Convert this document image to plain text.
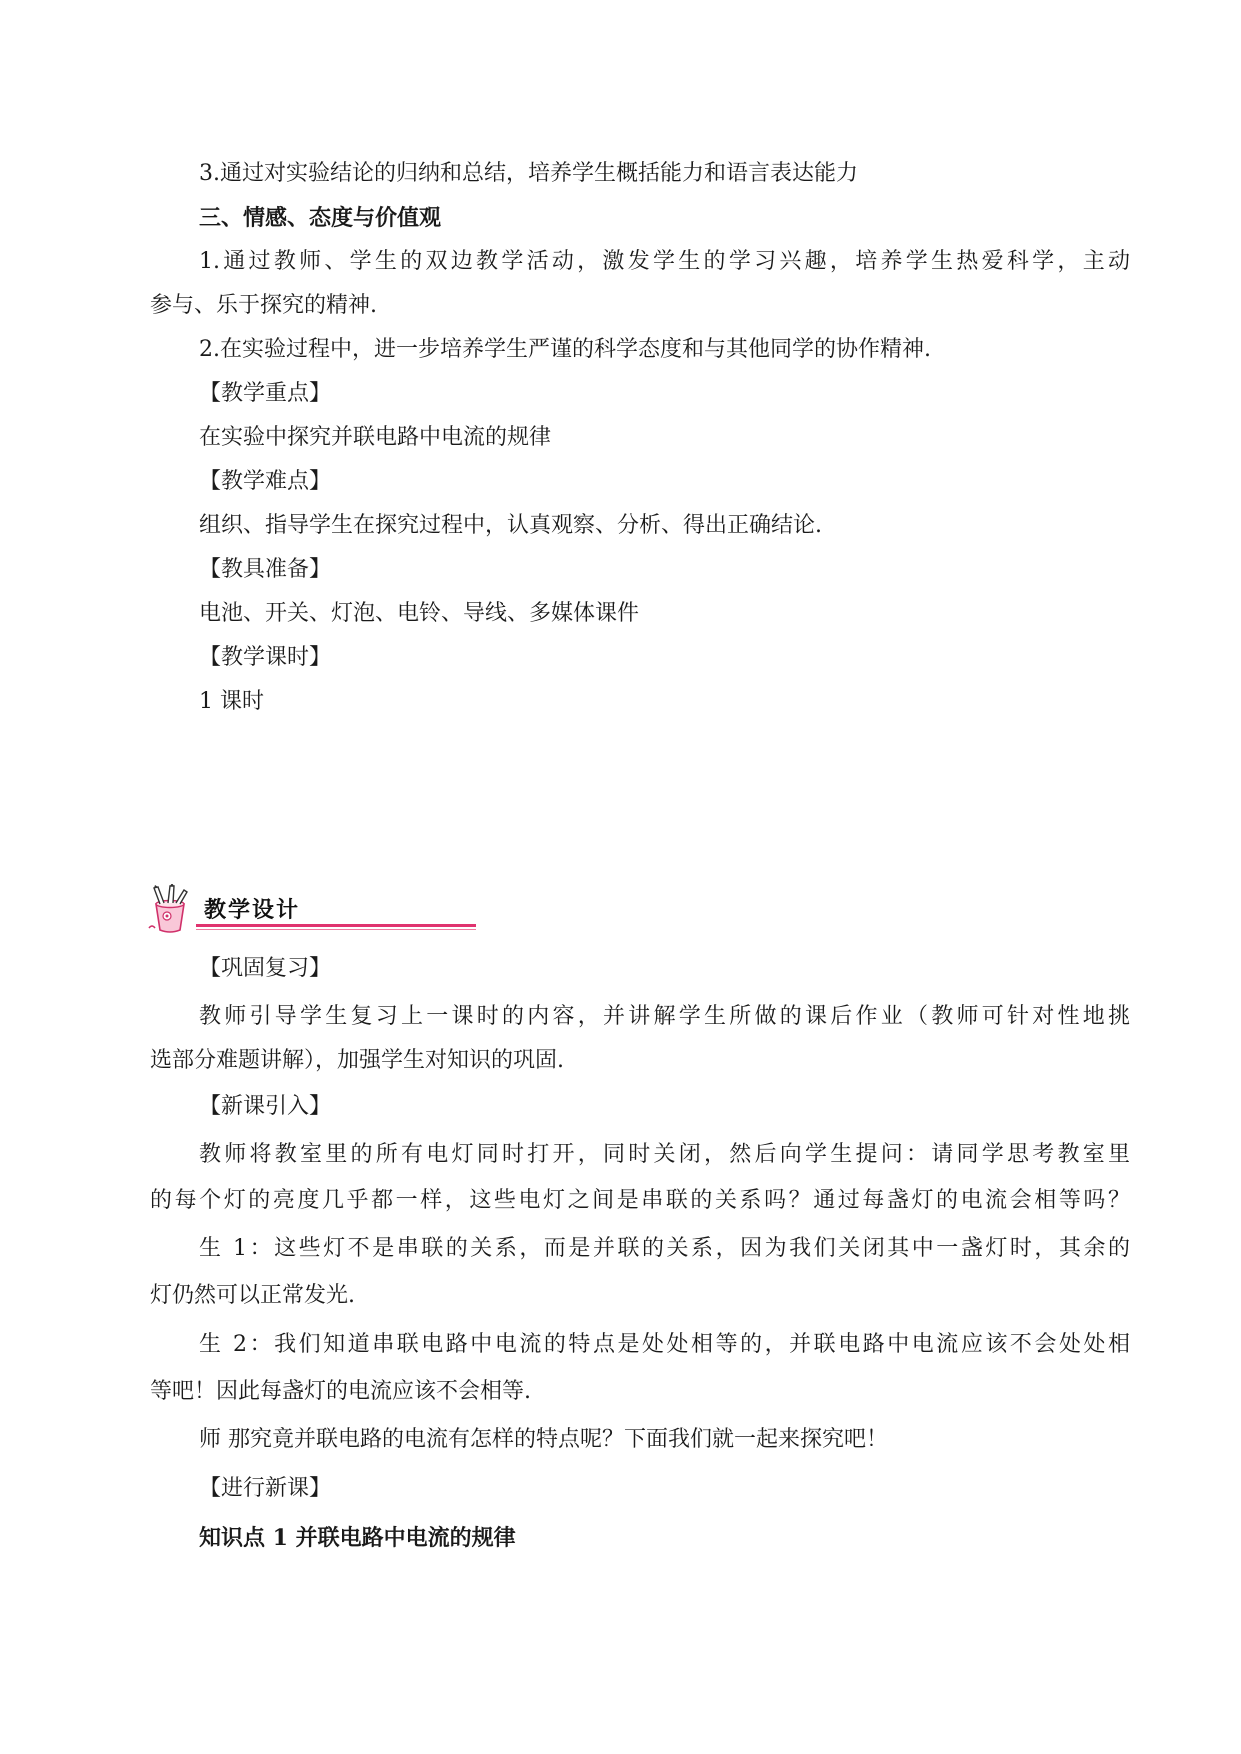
3.通过对实验结论的归纳和总结，培养学生概括能力和语言表达能力
三、情感、态度与价值观
1.通过教师、学生的双边教学活动，激发学生的学习兴趣，培养学生热爱科学，主动
参与、乐于探究的精神.
2.在实验过程中，进一步培养学生严谨的科学态度和与其他同学的协作精神.
【教学重点】
在实验中探究并联电路中电流的规律
【教学难点】
组织、指导学生在探究过程中，认真观察、分析、得出正确结论.
【教具准备】
电池、开关、灯泡、电铃、导线、多媒体课件
【教学课时】
1 课时
教学设计
【巩固复习】
教师引导学生复习上一课时的内容，并讲解学生所做的课后作业（教师可针对性地挑
选部分难题讲解），加强学生对知识的巩固.
【新课引入】
教师将教室里的所有电灯同时打开，同时关闭，然后向学生提问：请同学思考教室里
的每个灯的亮度几乎都一样，这些电灯之间是串联的关系吗？通过每盏灯的电流会相等吗？
生 1：这些灯不是串联的关系，而是并联的关系，因为我们关闭其中一盏灯时，其余的
灯仍然可以正常发光.
生 2：我们知道串联电路中电流的特点是处处相等的，并联电路中电流应该不会处处相
等吧！因此每盏灯的电流应该不会相等.
师 那究竟并联电路的电流有怎样的特点呢？下面我们就一起来探究吧！
【进行新课】
知识点 1 并联电路中电流的规律
